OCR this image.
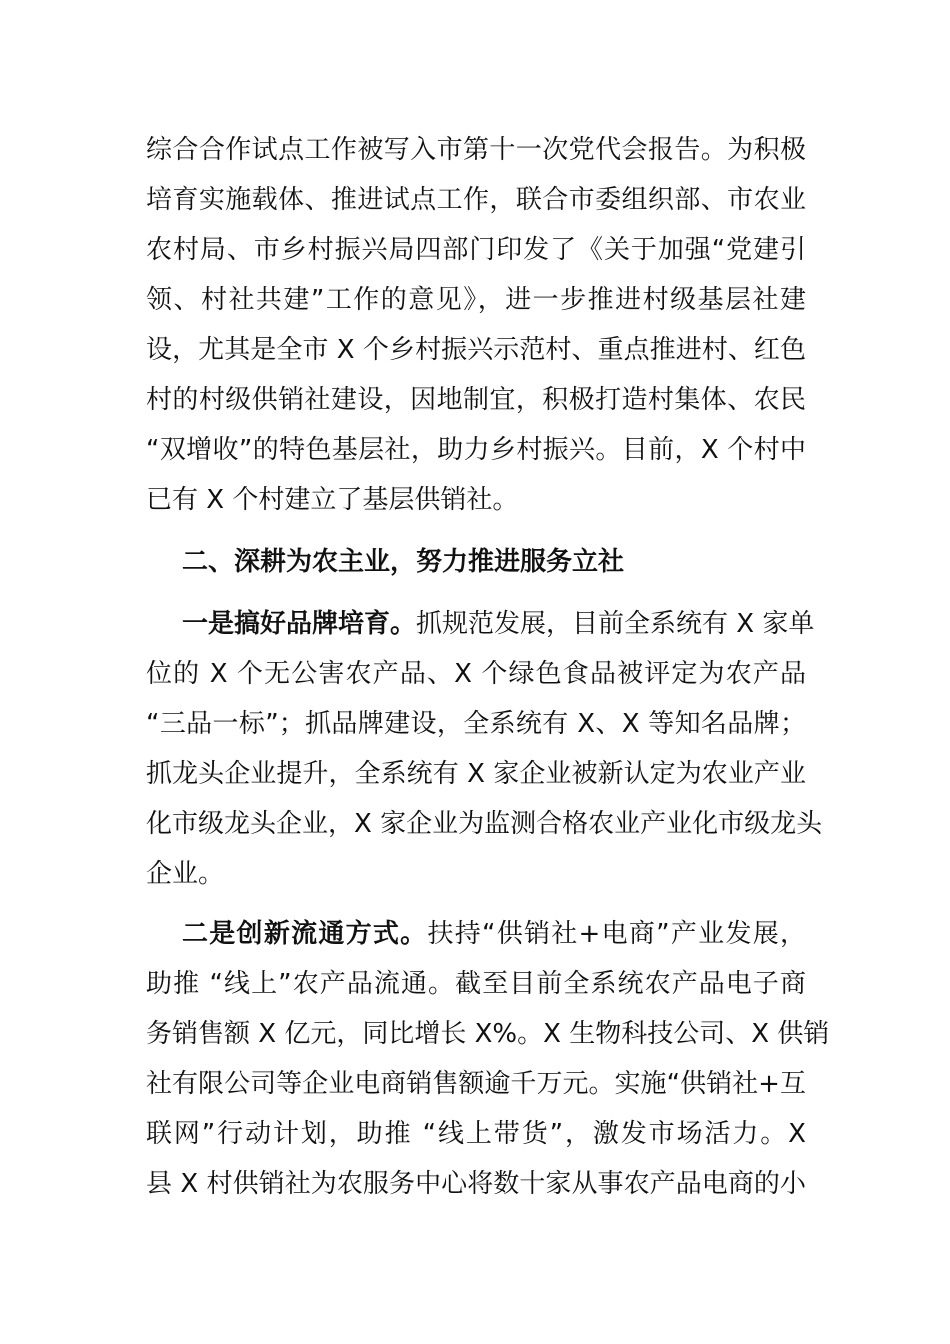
综合合作试点工作被写入市第十一次党代会报告。为积极
培育实施载体、推进试点工作，联合市委组织部、市农业
农村局、市乡村振兴局四部门印发了《关于加强“党建引
领、村社共建”工作的意见》，进一步推进村级基层社建
设，尤其是全市 X 个乡村振兴示范村、重点推进村、红色
村的村级供销社建设，因地制宜，积极打造村集体、农民
“双增收”的特色基层社，助力乡村振兴。目前，X 个村中
已有 X 个村建立了基层供销社。
二、深耕为农主业，努力推进服务立社
一是搞好品牌培育。抓规范发展，目前全系统有 X 家单
位的 X 个无公害农产品、X 个绿色食品被评定为农产品
“三品一标”；抓品牌建设，全系统有 X、X 等知名品牌；
抓龙头企业提升，全系统有 X 家企业被新认定为农业产业
化市级龙头企业，X 家企业为监测合格农业产业化市级龙头
企业。
二是创新流通方式。扶持“供销社+电商”产业发展，
助推 “线上”农产品流通。截至目前全系统农产品电子商
务销售额 X 亿元，同比增长 X%。X 生物科技公司、X 供销
社有限公司等企业电商销售额逾千万元。实施“供销社+互
联网”行动计划，助推 “线上带货”，激发市场活力。X
县 X 村供销社为农服务中心将数十家从事农产品电商的小
